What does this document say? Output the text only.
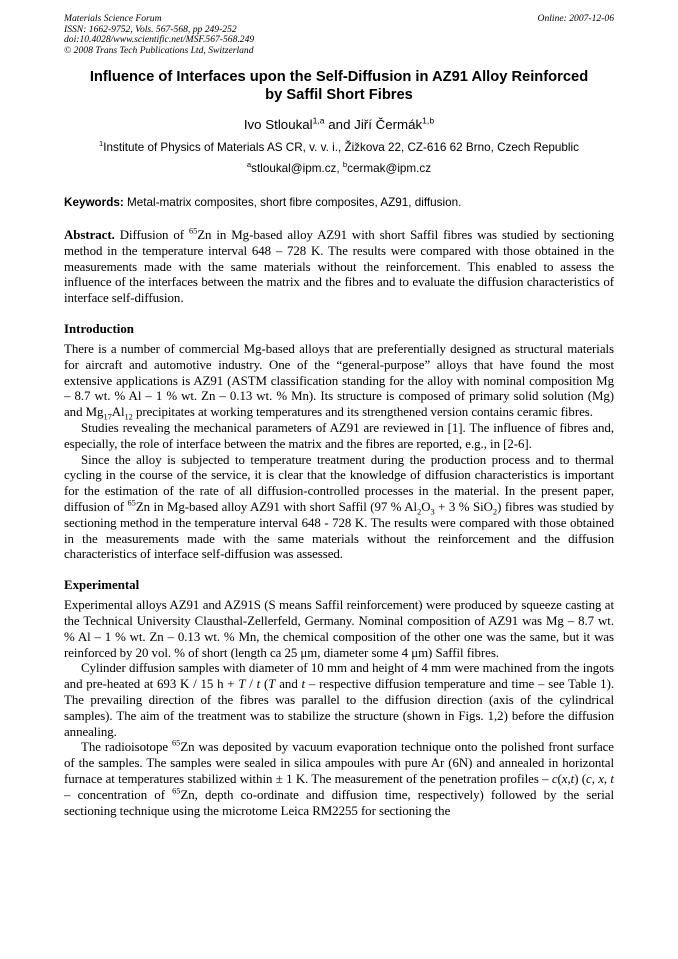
Materials Science Forum
ISSN: 1662-9752, Vols. 567-568, pp 249-252
doi:10.4028/www.scientific.net/MSF.567-568.249
© 2008 Trans Tech Publications Ltd, Switzerland
Online: 2007-12-06
Influence of Interfaces upon the Self-Diffusion in AZ91 Alloy Reinforced
by Saffil Short Fibres
Ivo Stloukal$^{1,a}$ and Jiří Čermák$^{1,b}$
$^1$Institute of Physics of Materials AS CR, v. v. i., Žižkova 22, CZ-616 62 Brno, Czech Republic
$^a$stloukal@ipm.cz, $^b$cermak@ipm.cz
Keywords: Metal-matrix composites, short fibre composites, AZ91, diffusion.

Abstract. Diffusion of $^{65}$Zn in Mg-based alloy AZ91 with short Saffil fibres was studied by sectioning method in the temperature interval 648 – 728 K. The results were compared with those obtained in the measurements made with the same materials without the reinforcement. This enabled to assess the influence of the interfaces between the matrix and the fibres and to evaluate the diffusion characteristics of interface self-diffusion.

Introduction

There is a number of commercial Mg-based alloys that are preferentially designed as structural materials for aircraft and automotive industry. One of the “general-purpose” alloys that have found the most extensive applications is AZ91 (ASTM classification standing for the alloy with nominal composition Mg – 8.7 wt. % Al – 1 % wt. Zn – 0.13 wt. % Mn). Its structure is composed of primary solid solution (Mg) and $Mg_{17}Al_{12}$ precipitates at working temperatures and its strengthened version contains ceramic fibres.

Studies revealing the mechanical parameters of AZ91 are reviewed in [1]. The influence of fibres and, especially, the role of interface between the matrix and the fibres are reported, e.g., in [2-6].

Since the alloy is subjected to temperature treatment during the production process and to thermal cycling in the course of the service, it is clear that the knowledge of diffusion characteristics is important for the estimation of the rate of all diffusion-controlled processes in the material. In the present paper, diffusion of $^{65}$Zn in Mg-based alloy AZ91 with short Saffil (97 % $Al_2O_3 + 3$ % SiO$_2$) fibres was studied by sectioning method in the temperature interval 648 - 728 K. The results were compared with those obtained in the measurements made with the same materials without the reinforcement and the diffusion characteristics of interface self-diffusion was assessed.

Experimental

Experimental alloys AZ91 and AZ91S (S means Saffil reinforcement) were produced by squeeze casting at the Technical University Clausthal-Zellerfeld, Germany. Nominal composition of AZ91 was Mg – 8.7 wt. % Al – 1 % wt. Zn – 0.13 wt. % Mn, the chemical composition of the other one was the same, but it was reinforced by 20 vol. % of short (length ca 25 μm, diameter some 4 μm) Saffil fibres.

Cylinder diffusion samples with diameter of 10 mm and height of 4 mm were machined from the ingots and pre-heated at 693 K / 15 h + T / t (T and t – respective diffusion temperature and time – see Table 1). The prevailing direction of the fibres was parallel to the diffusion direction (axis of the cylindrical samples). The aim of the treatment was to stabilize the structure (shown in Figs. 1,2) before the diffusion annealing.

The radioisotope $^{65}$Zn was deposited by vacuum evaporation technique onto the polished front surface of the samples. The samples were sealed in silica ampoules with pure Ar (6N) and annealed in horizontal furnace at temperatures stabilized within ± 1 K. The measurement of the penetration profiles – c(x,t) (c, x, t – concentration of $^{65}$Zn, depth co-ordinate and diffusion time, respectively) followed by the serial sectioning technique using the microtome Leica RM2255 for sectioning the
